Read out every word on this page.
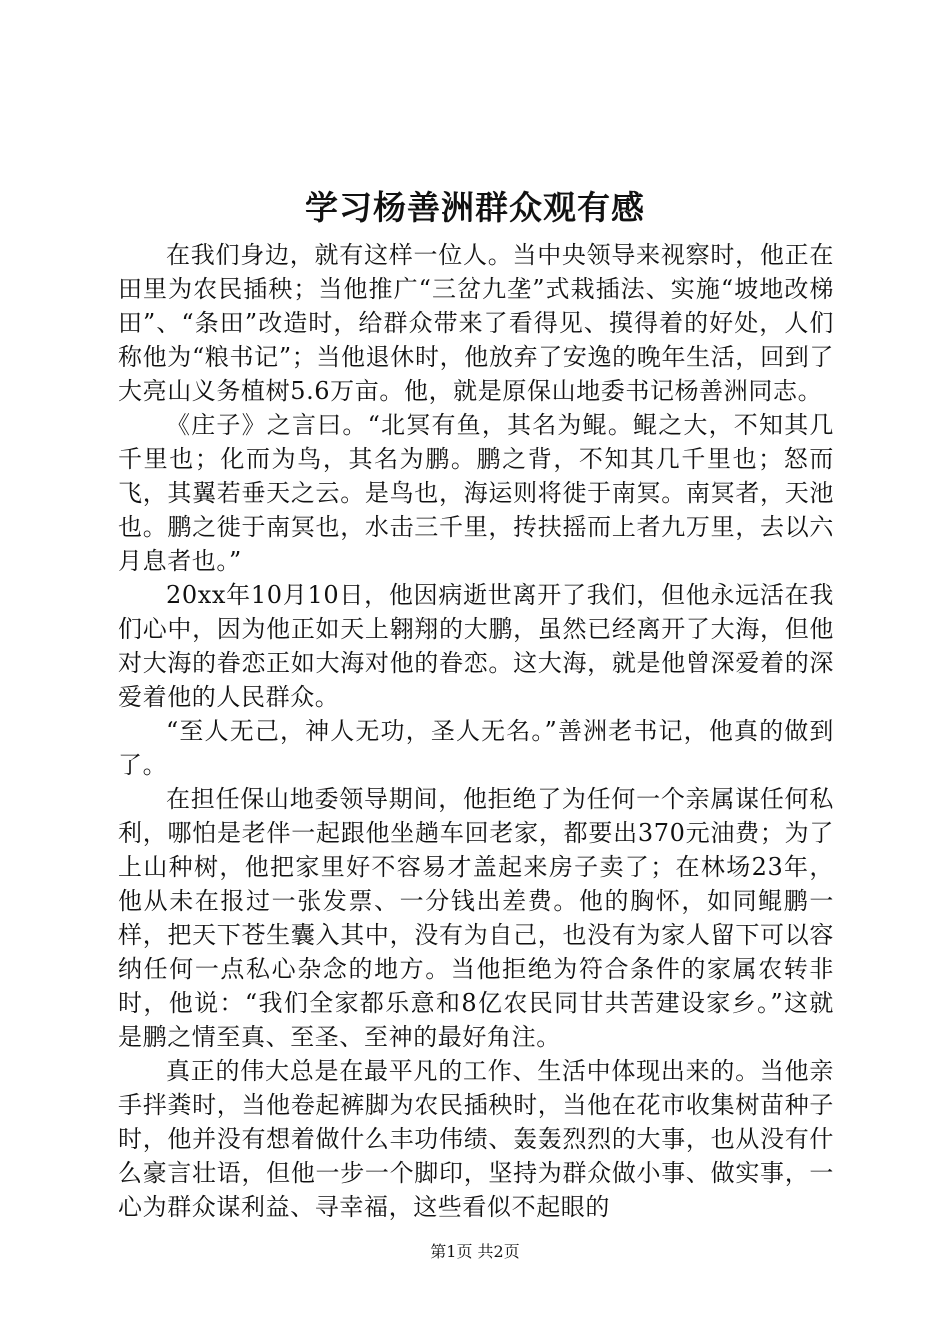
学习杨善洲群众观有感

在我们身边，就有这样一位人。当中央领导来视察时，他正在田里为农民插秧；当他推广“三岔九垄”式栽插法、实施“坡地改梯田”、“条田”改造时，给群众带来了看得见、摸得着的好处，人们称他为“粮书记”；当他退休时，他放弃了安逸的晚年生活，回到了大亮山义务植树5.6万亩。他，就是原保山地委书记杨善洲同志。

《庄子》之言曰。“北冥有鱼，其名为鲲。鲲之大，不知其几千里也；化而为鸟，其名为鹏。鹏之背，不知其几千里也；怒而飞，其翼若垂天之云。是鸟也，海运则将徙于南冥。南冥者，天池也。鹏之徙于南冥也，水击三千里，抟扶摇而上者九万里，去以六月息者也。”

20xx年10月10日，他因病逝世离开了我们，但他永远活在我们心中，因为他正如天上翱翔的大鹏，虽然已经离开了大海，但他对大海的眷恋正如大海对他的眷恋。这大海，就是他曾深爱着的深爱着他的人民群众。

“至人无己，神人无功，圣人无名。”善洲老书记，他真的做到了。

在担任保山地委领导期间，他拒绝了为任何一个亲属谋任何私利，哪怕是老伴一起跟他坐趟车回老家，都要出370元油费；为了上山种树，他把家里好不容易才盖起来房子卖了；在林场23年，他从未在报过一张发票、一分钱出差费。他的胸怀，如同鲲鹏一样，把天下苍生囊入其中，没有为自己，也没有为家人留下可以容纳任何一点私心杂念的地方。当他拒绝为符合条件的家属农转非时，他说：“我们全家都乐意和8亿农民同甘共苦建设家乡。”这就是鹏之情至真、至圣、至神的最好角注。

真正的伟大总是在最平凡的工作、生活中体现出来的。当他亲手拌粪时，当他卷起裤脚为农民插秧时，当他在花市收集树苗种子时，他并没有想着做什么丰功伟绩、轰轰烈烈的大事，也从没有什么豪言壮语，但他一步一个脚印，坚持为群众做小事、做实事，一心为群众谋利益、寻幸福，这些看似不起眼的

第1页 共2页
